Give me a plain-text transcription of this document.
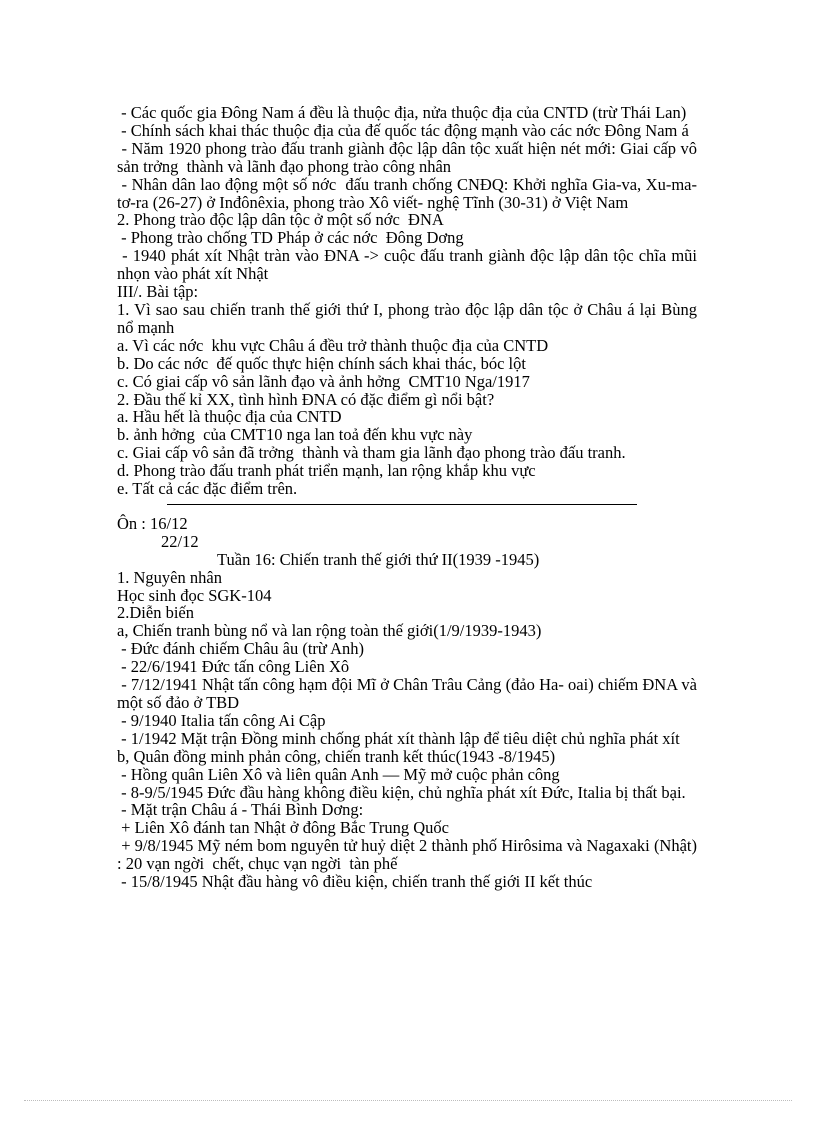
- Các quốc gia Đông Nam á đều là thuộc địa, nửa thuộc địa của CNTD (trừ Thái Lan)

- Chính sách khai thác thuộc địa của đế quốc tác động mạnh vào các nớc Đông Nam á

- Năm 1920 phong trào đấu tranh giành độc lập dân tộc xuất hiện nét mới: Giai cấp vô sản trởng  thành và lãnh đạo phong trào công nhân

- Nhân dân lao động một số nớc  đấu tranh chống CNĐQ: Khởi nghĩa Gia-va, Xu-ma-tơ-ra (26-27) ở Inđônêxia, phong trào Xô viết- nghệ Tĩnh (30-31) ở Việt Nam

2. Phong trào độc lập dân tộc ở một số nớc  ĐNA

- Phong trào chống TD Pháp ở các nớc  Đông Dơng

- 1940 phát xít Nhật tràn vào ĐNA -> cuộc đấu tranh giành độc lập dân tộc chĩa mũi nhọn vào phát xít Nhật

III/. Bài tập:

1. Vì sao sau chiến tranh thế giới thứ I, phong trào độc lập dân tộc ở Châu á lại Bùng nổ mạnh

a. Vì các nớc  khu vực Châu á đều trở thành thuộc địa của CNTD

b. Do các nớc  đế quốc thực hiện chính sách khai thác, bóc lột

c. Có giai cấp vô sản lãnh đạo và ảnh hởng  CMT10 Nga/1917

2. Đầu thế kỉ XX, tình hình ĐNA có đặc điểm gì nổi bật?

a. Hầu hết là thuộc địa của CNTD

b. ảnh hởng  của CMT10 nga lan toả đến khu vực này

c. Giai cấp vô sản đã trởng  thành và tham gia lãnh đạo phong trào đấu tranh.

d. Phong trào đấu tranh phát triển mạnh, lan rộng khắp khu vực

e. Tất cả các đặc điểm trên.

Ôn : 16/12

22/12

Tuần 16: Chiến tranh thế giới thứ II(1939 -1945)

1. Nguyên nhân

Học sinh đọc SGK-104

2.Diễn biến

a, Chiến tranh bùng nổ và lan rộng toàn thế giới(1/9/1939-1943)

- Đức đánh chiếm Châu âu (trừ Anh)

- 22/6/1941 Đức tấn công Liên Xô

- 7/12/1941 Nhật tấn công hạm đội Mĩ ở Chân Trâu Cảng (đảo Ha- oai) chiếm ĐNA và một số đảo ở TBD

- 9/1940 Italia tấn công Ai Cập

- 1/1942 Mặt trận Đồng minh chống phát xít thành lập để tiêu diệt chủ nghĩa phát xít

b, Quân đồng minh phản công, chiến tranh kết thúc(1943 -8/1945)

- Hồng quân Liên Xô và liên quân Anh — Mỹ mở cuộc phản công

- 8-9/5/1945 Đức đầu hàng không điều kiện, chủ nghĩa phát xít Đức, Italia bị thất bại.

- Mặt trận Châu á - Thái Bình Dơng:

+ Liên Xô đánh tan Nhật ở đông Bắc Trung Quốc

+ 9/8/1945 Mỹ ném bom nguyên tử huỷ diệt 2 thành phố Hirôsima và Nagaxaki (Nhật) : 20 vạn ngời  chết, chục vạn ngời  tàn phế

- 15/8/1945 Nhật đầu hàng vô điều kiện, chiến tranh thế giới II kết thúc
